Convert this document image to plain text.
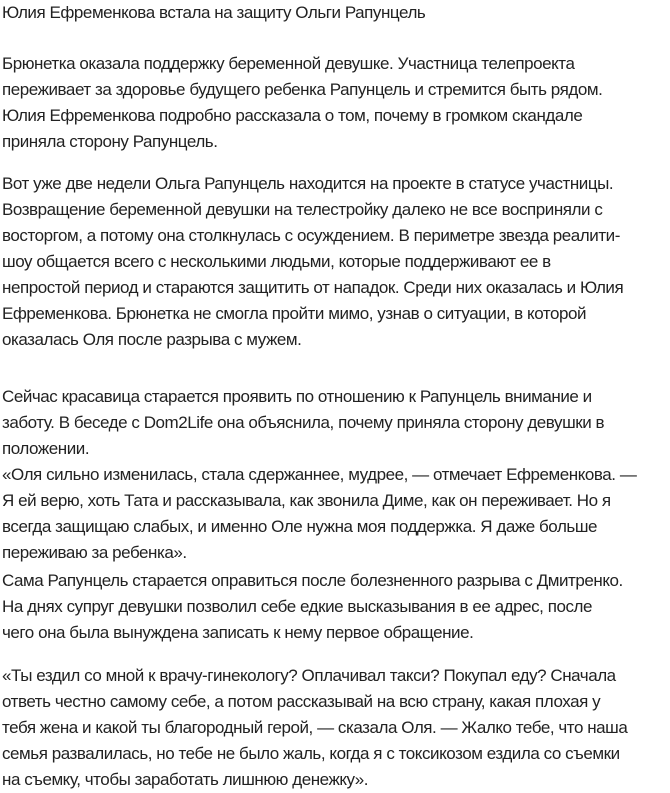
Юлия Ефременкова встала на защиту Ольги Рапунцель
Брюнетка оказала поддержку беременной девушке. Участница телепроекта
переживает за здоровье будущего ребенка Рапунцель и стремится быть рядом.
Юлия Ефременкова подробно рассказала о том, почему в громком скандале
приняла сторону Рапунцель.
Вот уже две недели Ольга Рапунцель находится на проекте в статусе участницы.
Возвращение беременной девушки на телестройку далеко не все восприняли с
восторгом, а потому она столкнулась с осуждением. В периметре звезда реалити-
шоу общается всего с несколькими людьми, которые поддерживают ее в
непростой период и стараются защитить от нападок. Среди них оказалась и Юлия
Ефременкова. Брюнетка не смогла пройти мимо, узнав о ситуации, в которой
оказалась Оля после разрыва с мужем.
Сейчас красавица старается проявить по отношению к Рапунцель внимание и
заботу. В беседе с Dom2Life она объяснила, почему приняла сторону девушки в
положении.
«Оля сильно изменилась, стала сдержаннее, мудрее, — отмечает Ефременкова. —
Я ей верю, хоть Тата и рассказывала, как звонила Диме, как он переживает. Но я
всегда защищаю слабых, и именно Оле нужна моя поддержка. Я даже больше
переживаю за ребенка».
Сама Рапунцель старается оправиться после болезненного разрыва с Дмитренко.
На днях супруг девушки позволил себе едкие высказывания в ее адрес, после
чего она была вынуждена записать к нему первое обращение.
«Ты ездил со мной к врачу-гинекологу? Оплачивал такси? Покупал еду? Сначала
ответь честно самому себе, а потом рассказывай на всю страну, какая плохая у
тебя жена и какой ты благородный герой, — сказала Оля. — Жалко тебе, что наша
семья развалилась, но тебе не было жаль, когда я с токсикозом ездила со съемки
на съемку, чтобы заработать лишнюю денежку».
